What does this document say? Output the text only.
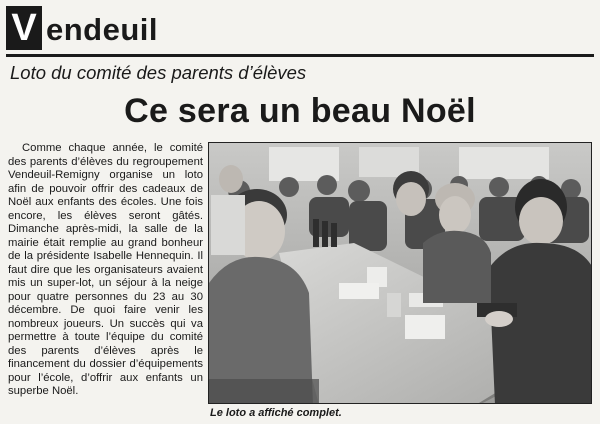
V endeuil
Loto du comité des parents d’élèves
Ce sera un beau Noël

Comme chaque année, le comité des parents d’élèves du regroupement Vendeuil-Remigny organise un loto afin de pouvoir offrir des cadeaux de Noël aux enfants des écoles. Une fois encore, les élèves seront gâtés. Dimanche après-midi, la salle de la mairie était remplie au grand bonheur de la présidente Isabelle Hennequin. Il faut dire que les organisateurs avaient mis un super-lot, un séjour à la neige pour quatre personnes du 23 au 30 décembre. De quoi faire venir les nombreux joueurs. Un succès qui va permettre à toute l’équipe du comité des parents d’élèves après le financement du dossier d’équipements pour l’école, d’offrir aux enfants un superbe Noël.

Le loto a affiché complet.
